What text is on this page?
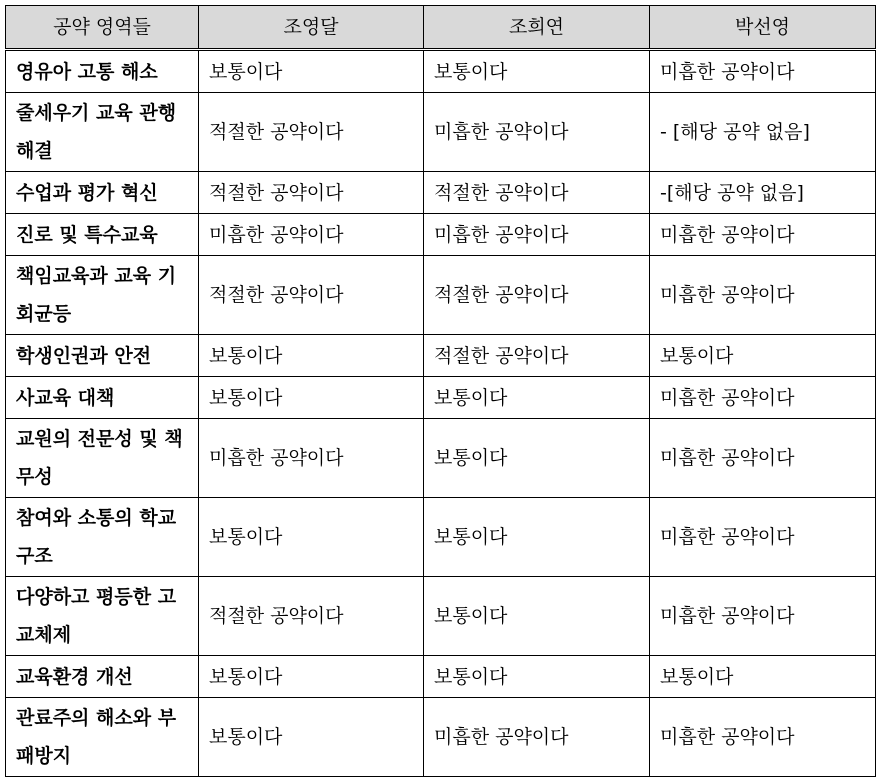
공약 영역들	조영달	조희연	박선영
영유아 고통 해소	보통이다	보통이다	미흡한 공약이다
줄세우기 교육 관행 해결	적절한 공약이다	미흡한 공약이다	- [해당 공약 없음]
수업과 평가 혁신	적절한 공약이다	적절한 공약이다	-[해당 공약 없음]
진로 및 특수교육	미흡한 공약이다	미흡한 공약이다	미흡한 공약이다
책임교육과 교육 기회균등	적절한 공약이다	적절한 공약이다	미흡한 공약이다
학생인권과 안전	보통이다	적절한 공약이다	보통이다
사교육 대책	보통이다	보통이다	미흡한 공약이다
교원의 전문성 및 책무성	미흡한 공약이다	보통이다	미흡한 공약이다
참여와 소통의 학교구조	보통이다	보통이다	미흡한 공약이다
다양하고 평등한 고교체제	적절한 공약이다	보통이다	미흡한 공약이다
교육환경 개선	보통이다	보통이다	보통이다
관료주의 해소와 부패방지	보통이다	미흡한 공약이다	미흡한 공약이다
